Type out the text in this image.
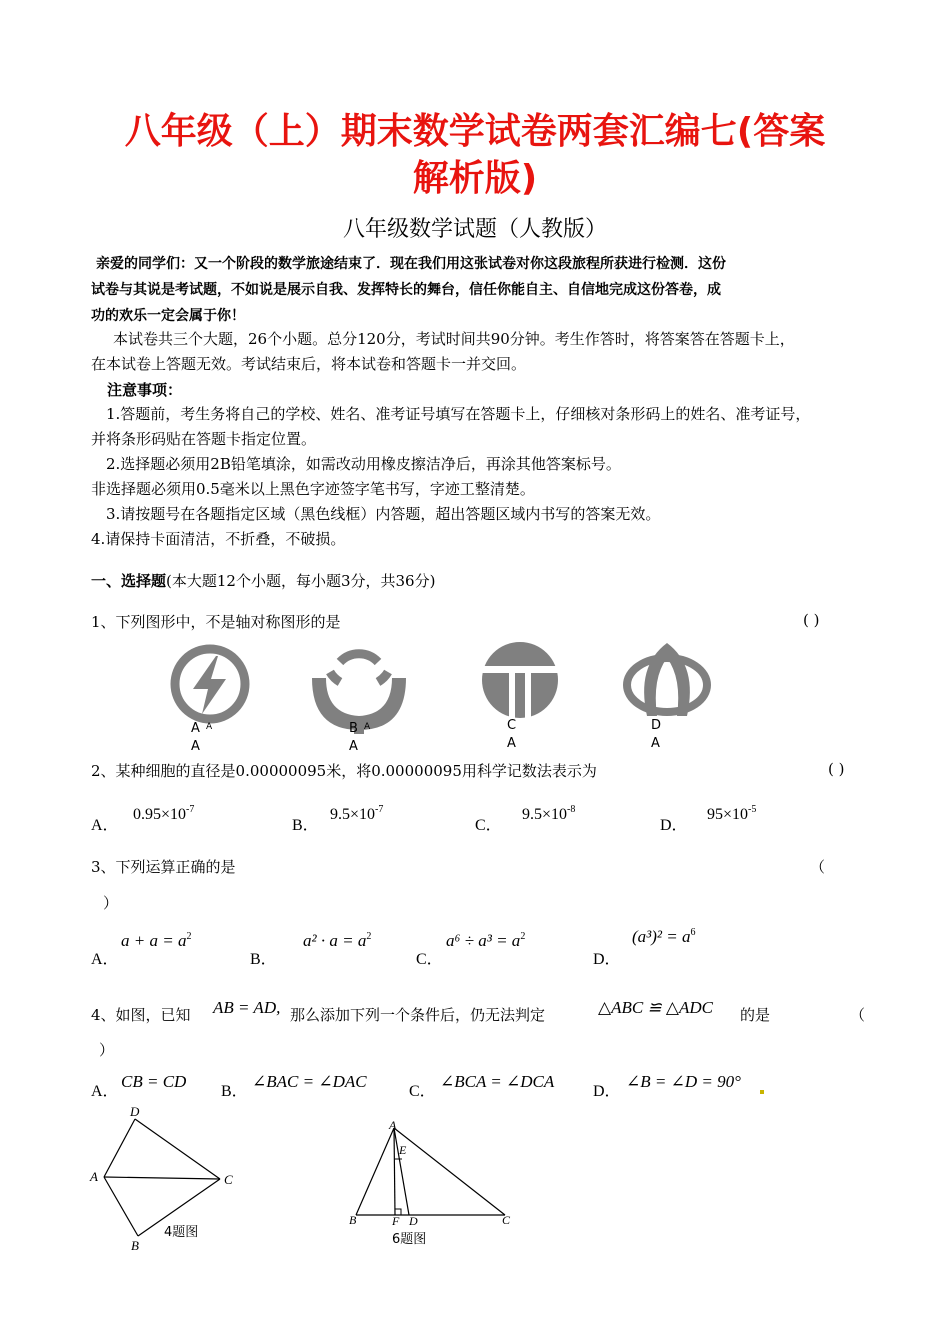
八年级（上）期末数学试卷两套汇编七(答案
解析版)
八年级数学试题（人教版）
亲爱的同学们：又一个阶段的数学旅途结束了．现在我们用这张试卷对你这段旅程所获进行检测．这份
试卷与其说是考试题，不如说是展示自我、发挥特长的舞台，信任你能自主、自信地完成这份答卷，成
功的欢乐一定会属于你！
本试卷共三个大题，26个小题。总分120分，考试时间共90分钟。考生作答时，将答案答在答题卡上，
在本试卷上答题无效。考试结束后，将本试卷和答题卡一并交回。
注意事项：
1.答题前，考生务将自己的学校、姓名、准考证号填写在答题卡上，仔细核对条形码上的姓名、准考证号，
并将条形码贴在答题卡指定位置。
2.选择题必须用2B铅笔填涂，如需改动用橡皮擦洁净后，再涂其他答案标号。
非选择题必须用0.5毫米以上黑色字迹签字笔书写，字迹工整清楚。
3.请按题号在各题指定区域（黑色线框）内答题，超出答题区域内书写的答案无效。
4.请保持卡面清洁，不折叠，不破损。
一、选择题(本大题12个小题，每小题3分，共36分)
1、下列图形中，不是轴对称图形的是	( )
A A
A
B A
A
C
A
D
A
2、某种细胞的直径是0.00000095米，将0.00000095用科学记数法表示为	( )
A．
$0.95\times 10^{-7}$
B．
$9.5\times 10^{-7}$
C．
$9.5\times 10^{-8}$
D．
$95\times 10^{-5}$
3、下列运算正确的是	（
）
A．
$a + a = a^2$
B．
$a^2 \cdot a = a^2$
C．
$a^6 \div a^3 = a^2$
D．
$(a^3)^2 = a^6$
4、如图，已知 AB = AD, 那么添加下列一个条件后，仍无法判定	△ABC ≌ △ADC 的是	（
）
A．
CB = CD
B．
∠BAC = ∠DAC
C．
∠BCA = ∠DCA
D．
∠B = ∠D = 90°
D
A	C
B
4题图
A
E
B	F D	C
6题图
